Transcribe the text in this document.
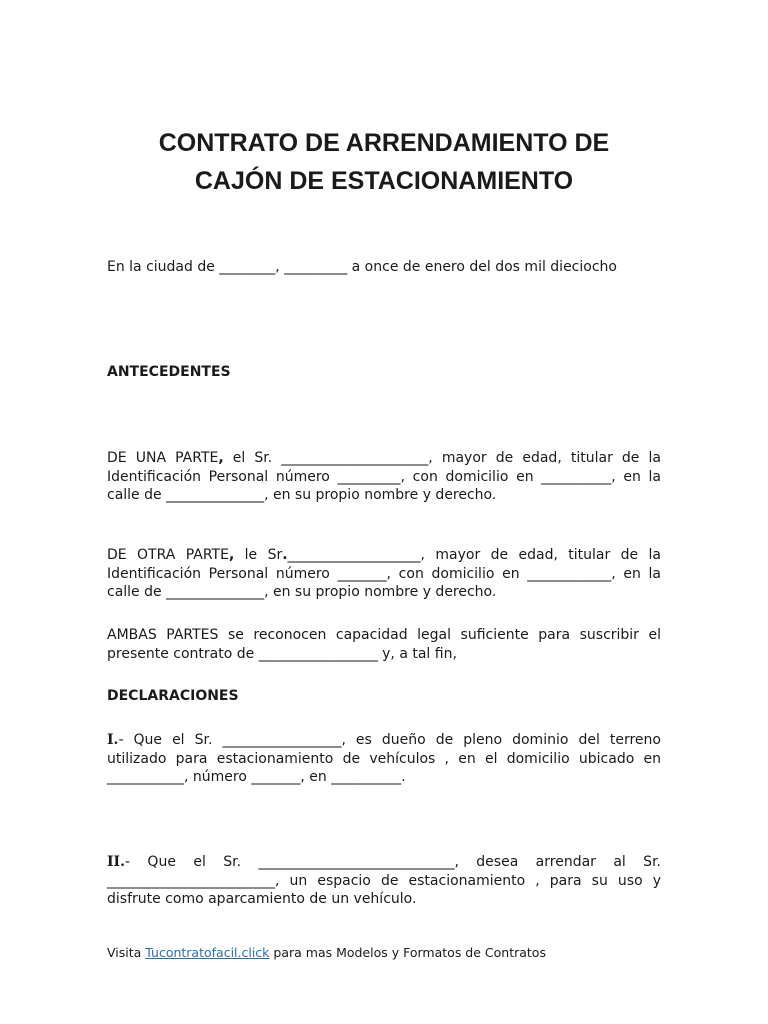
CONTRATO DE ARRENDAMIENTO DE
CAJÓN DE ESTACIONAMIENTO

En la ciudad de ________, _________ a once de enero del dos mil dieciocho

ANTECEDENTES

DE UNA PARTE, el Sr. _____________________, mayor de edad, titular de la Identificación Personal número _________, con domicilio en __________, en la calle de ______________, en su propio nombre y derecho.

DE OTRA PARTE, le Sr.___________________, mayor de edad, titular de la Identificación Personal número _______, con domicilio en ____________, en la calle de ______________, en su propio nombre y derecho.

AMBAS PARTES se reconocen capacidad legal suficiente para suscribir el presente contrato de _________________ y, a tal fin,

DECLARACIONES

I.- Que el Sr. _________________, es dueño de pleno dominio del terreno utilizado para estacionamiento de vehículos , en el domicilio ubicado en ___________, número _______, en __________.

II.- Que el Sr. ____________________________, desea arrendar al Sr. ________________________, un espacio de estacionamiento , para su uso y disfrute como aparcamiento de un vehículo.

Visita Tucontratofacil.click para mas Modelos y Formatos de Contratos
